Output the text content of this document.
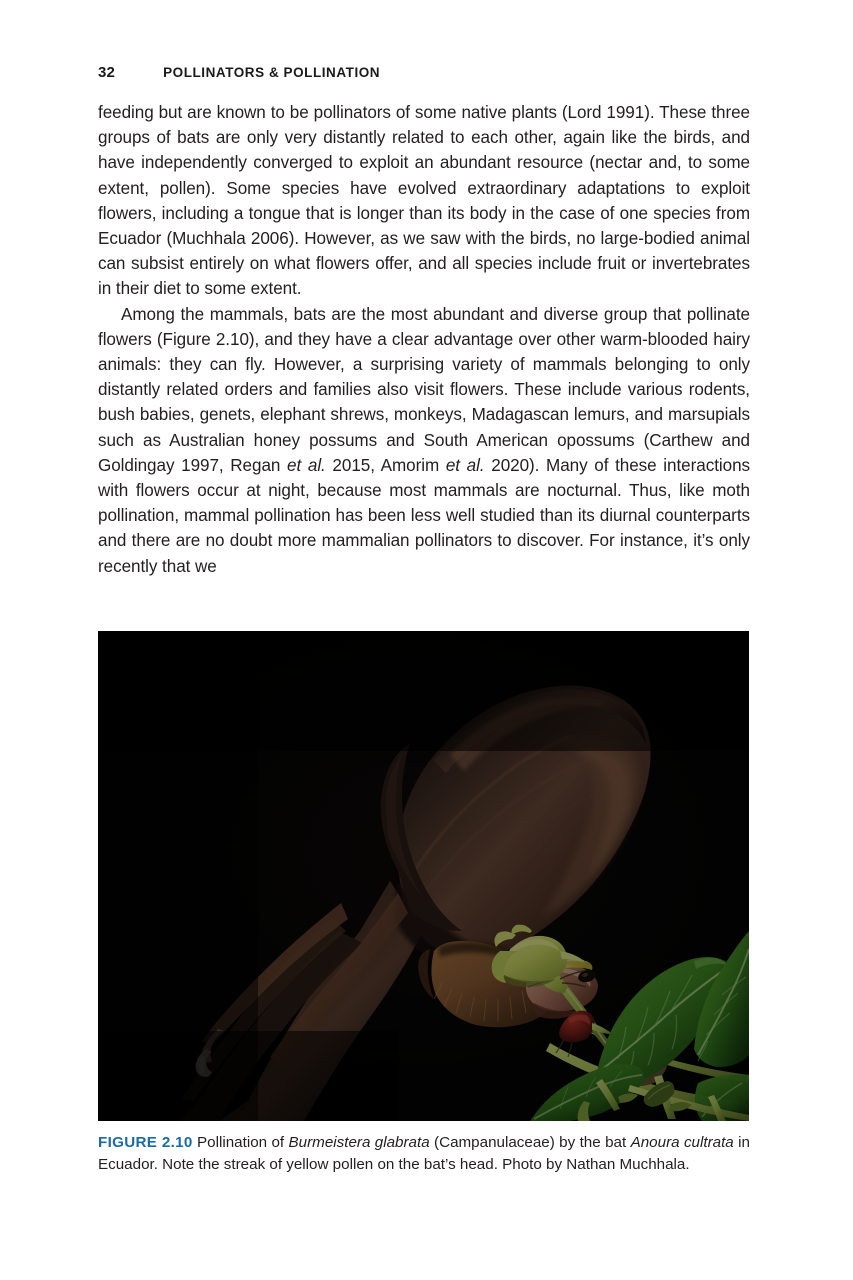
32	POLLINATORS & POLLINATION

feeding but are known to be pollinators of some native plants (Lord 1991). These three groups of bats are only very distantly related to each other, again like the birds, and have independently converged to exploit an abundant resource (nectar and, to some extent, pollen). Some species have evolved extraordinary adaptations to exploit flowers, including a tongue that is longer than its body in the case of one species from Ecuador (Muchhala 2006). However, as we saw with the birds, no large-bodied animal can subsist entirely on what flowers offer, and all species include fruit or invertebrates in their diet to some extent.

Among the mammals, bats are the most abundant and diverse group that pollinate flowers (Figure 2.10), and they have a clear advantage over other warm-blooded hairy animals: they can fly. However, a surprising variety of mammals belonging to only distantly related orders and families also visit flowers. These include various rodents, bush babies, genets, elephant shrews, monkeys, Madagascan lemurs, and marsupials such as Australian honey possums and South American opossums (Carthew and Goldingay 1997, Regan et al. 2015, Amorim et al. 2020). Many of these interactions with flowers occur at night, because most mammals are nocturnal. Thus, like moth pollination, mammal pollination has been less well studied than its diurnal counterparts and there are no doubt more mammalian pollinators to discover. For instance, it’s only recently that we

FIGURE 2.10 Pollination of Burmeistera glabrata (Campanulaceae) by the bat Anoura cultrata in Ecuador. Note the streak of yellow pollen on the bat’s head. Photo by Nathan Muchhala.
